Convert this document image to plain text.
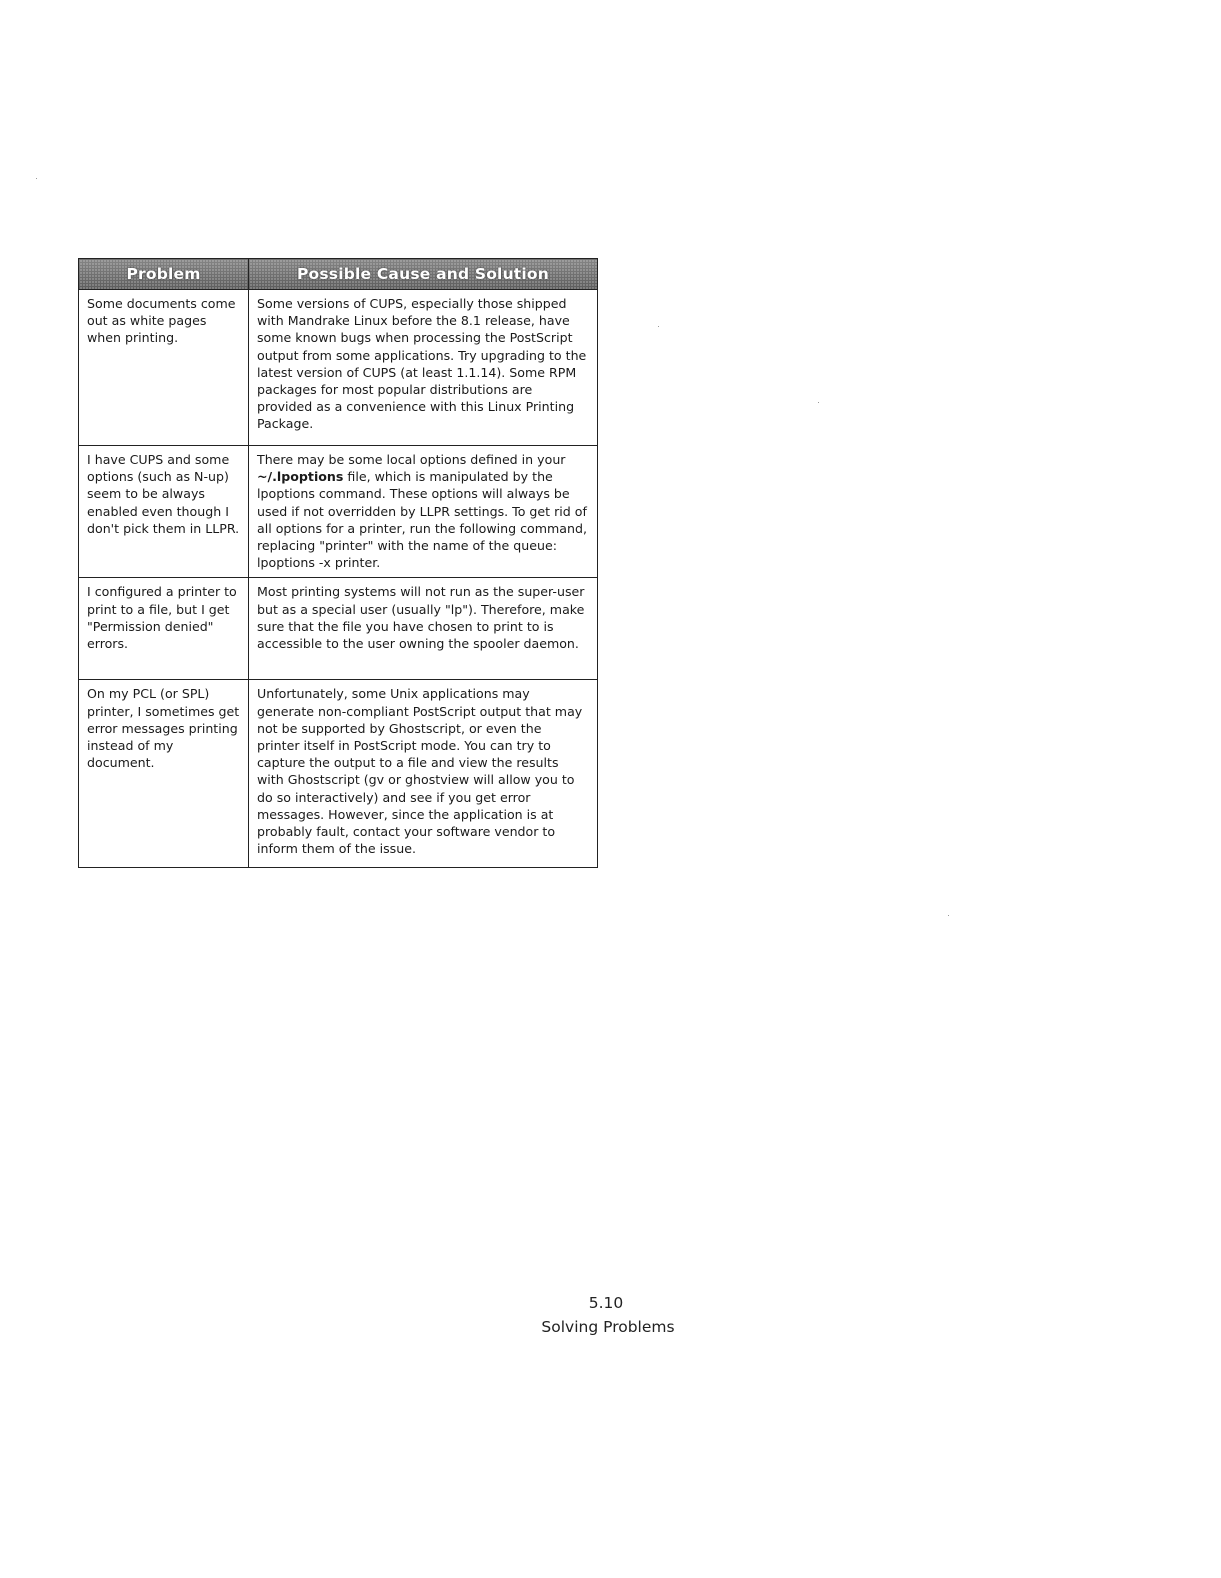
Problem	Possible Cause and Solution
Some documents come out as white pages when printing.	Some versions of CUPS, especially those shipped with Mandrake Linux before the 8.1 release, have some known bugs when processing the PostScript output from some applications. Try upgrading to the latest version of CUPS (at least 1.1.14). Some RPM packages for most popular distributions are provided as a convenience with this Linux Printing Package.
I have CUPS and some options (such as N-up) seem to be always enabled even though I don't pick them in LLPR.	There may be some local options defined in your ~/.lpoptions file, which is manipulated by the lpoptions command. These options will always be used if not overridden by LLPR settings. To get rid of all options for a printer, run the following command, replacing "printer" with the name of the queue: lpoptions -x printer.
I configured a printer to print to a file, but I get "Permission denied" errors.	Most printing systems will not run as the super-user but as a special user (usually "lp"). Therefore, make sure that the file you have chosen to print to is accessible to the user owning the spooler daemon.
On my PCL (or SPL) printer, I sometimes get error messages printing instead of my document.	Unfortunately, some Unix applications may generate non-compliant PostScript output that may not be supported by Ghostscript, or even the printer itself in PostScript mode. You can try to capture the output to a file and view the results with Ghostscript (gv or ghostview will allow you to do so interactively) and see if you get error messages. However, since the application is at probably fault, contact your software vendor to inform them of the issue.
5.10
Solving Problems
